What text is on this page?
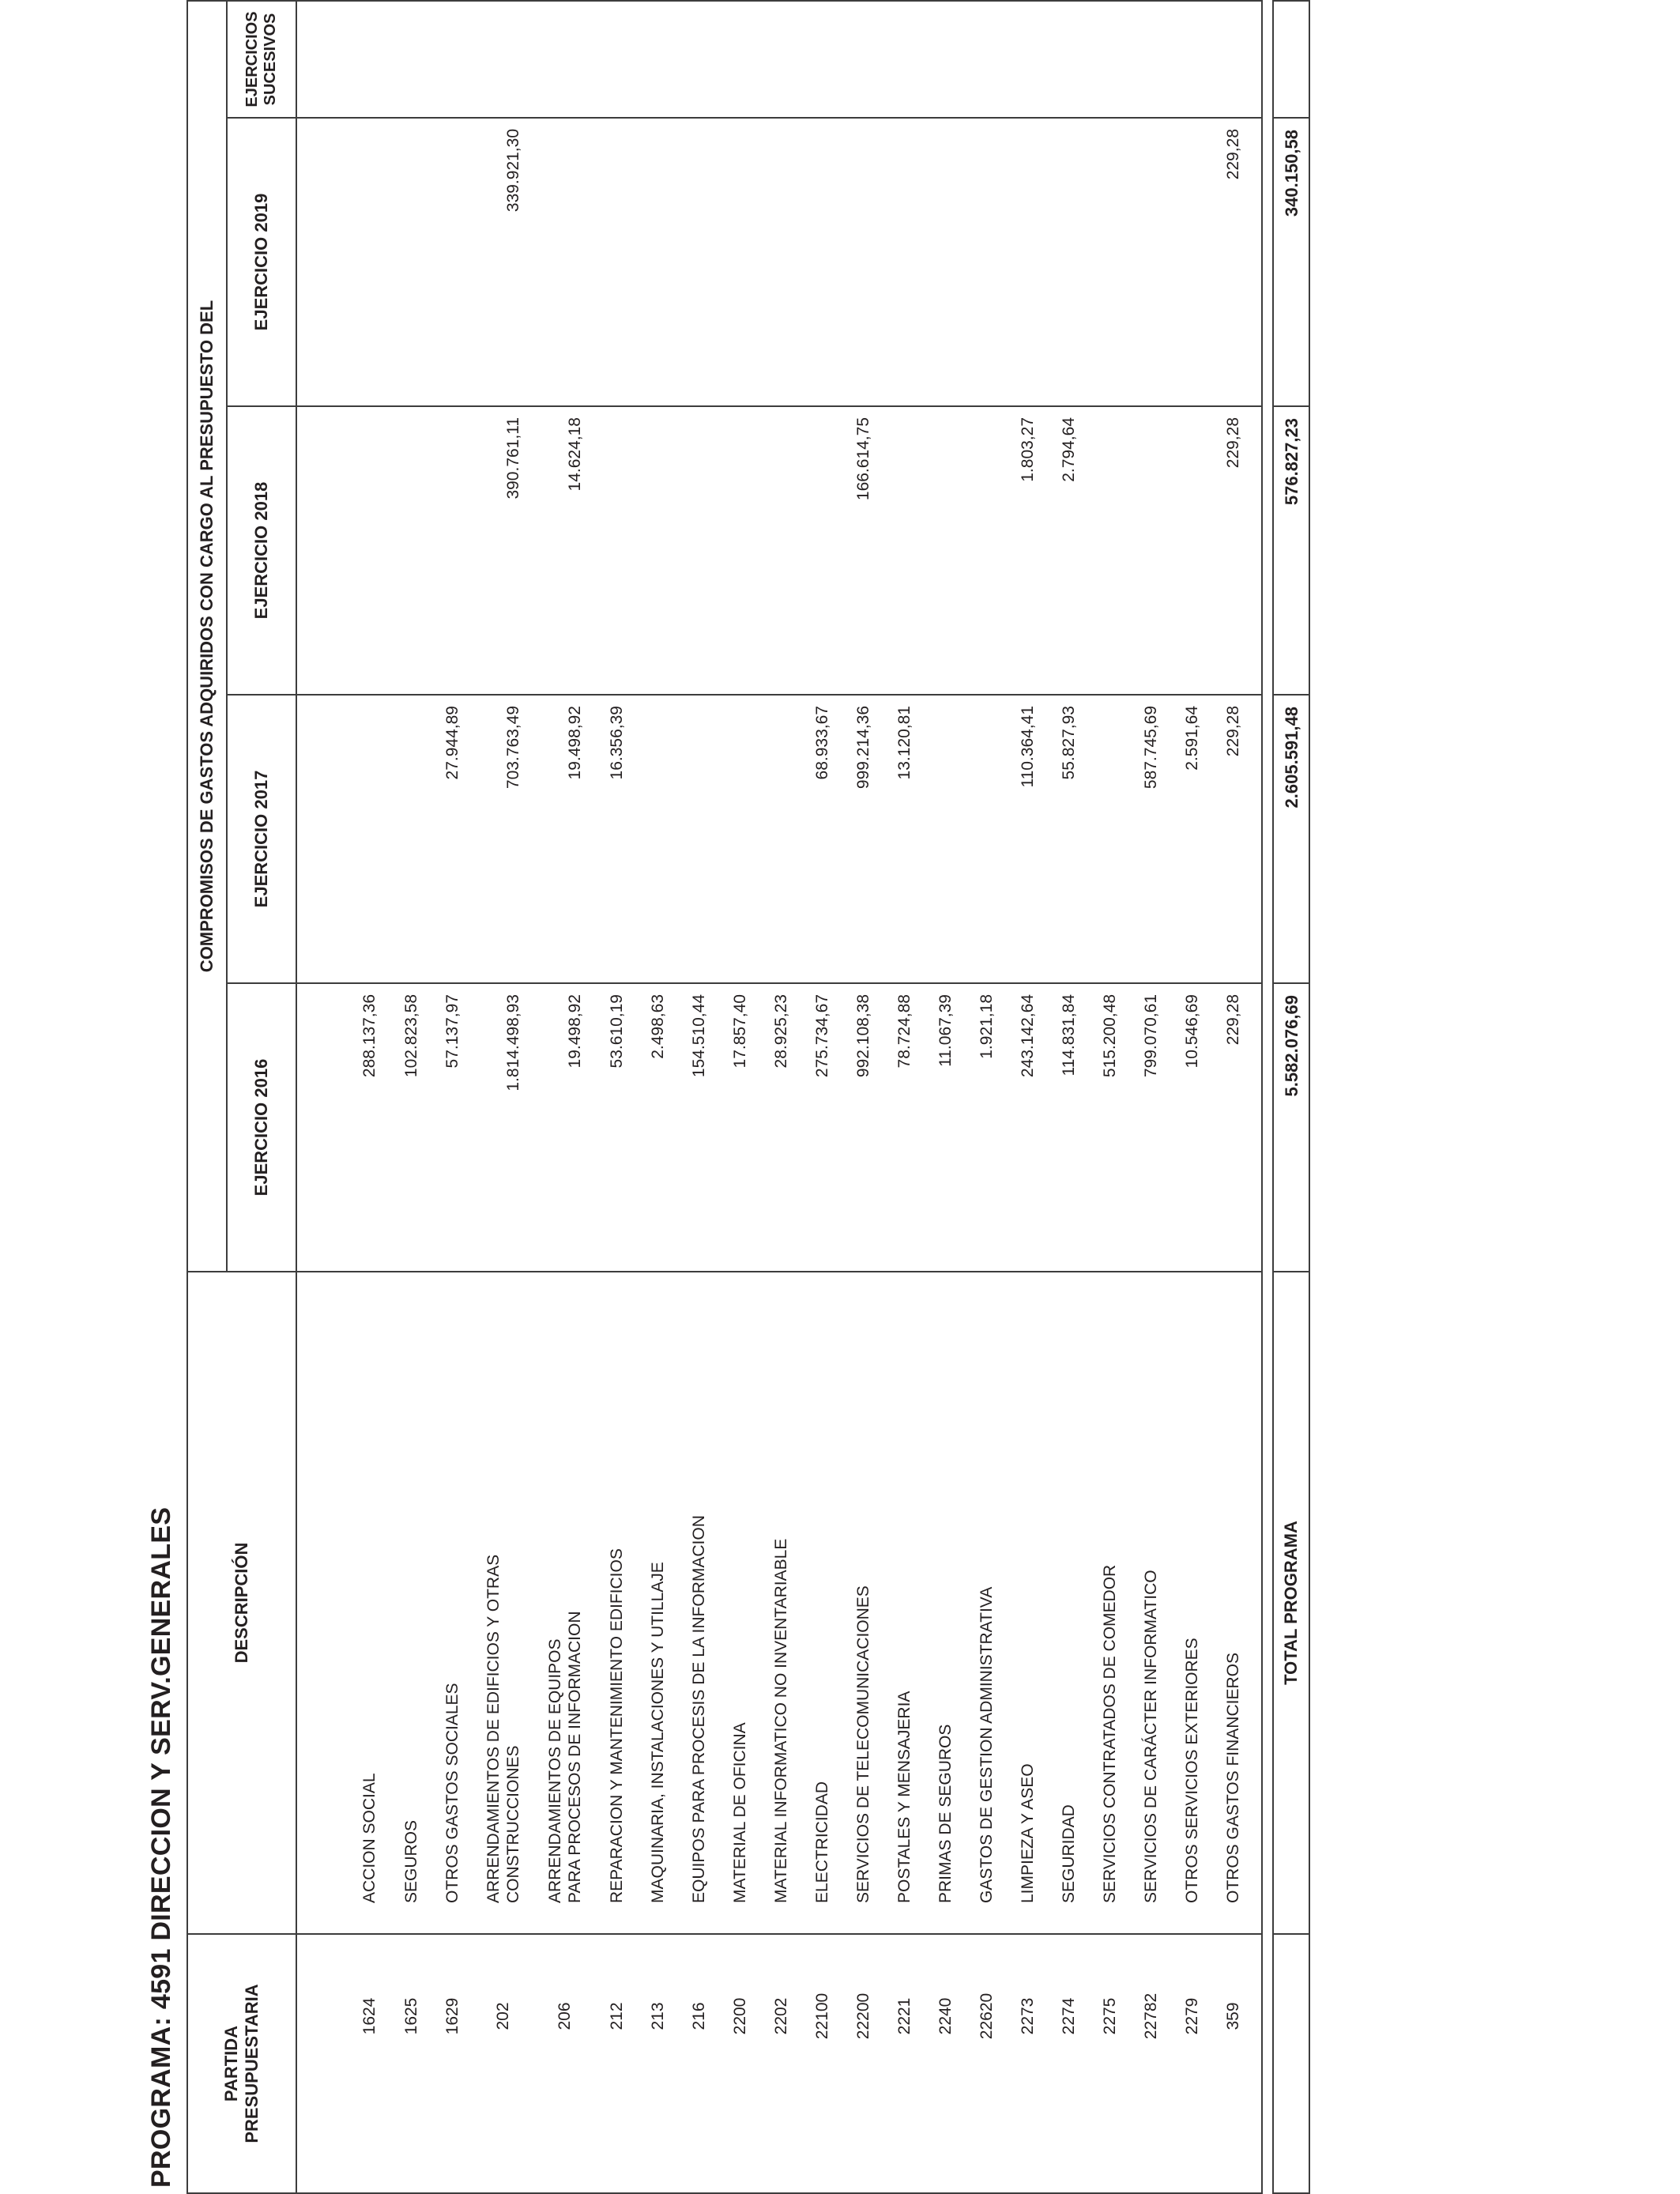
PROGRAMA: 4591 DIRECCION Y SERV.GENERALES	PARTIDA PRESUPUESTARIA
DESCRIPCIÓN
COMPROMISOS DE GASTOS ADQUIRIDOS CON CARGO AL PRESUPUESTO DEL
EJERCICIO 2016
EJERCICIO 2017
EJERCICIO 2018
EJERCICIO 2019
EJERCICIOS SUCESIVOS
TOTAL PROGRAMA
5.582.076,69
2.605.591,48
576.827,23
340.150,58
1624
ACCION SOCIAL
288.137,36
1625
SEGUROS
102.823,58
1629
OTROS GASTOS SOCIALES
57.137,97
27.944,89
202
ARRENDAMIENTOS DE EDIFICIOS Y OTRAS CONSTRUCCIONES
1.814.498,93
703.763,49
390.761,11
339.921,30
206
ARRENDAMIENTOS DE EQUIPOS PARA PROCESOS DE INFORMACION
19.498,92
19.498,92
14.624,18
212
REPARACION Y MANTENIMIENTO EDIFICIOS
53.610,19
16.356,39
213
MAQUINARIA, INSTALACIONES Y UTILLAJE
2.498,63
216
EQUIPOS PARA PROCESIS DE LA INFORMACION
154.510,44
2200
MATERIAL DE OFICINA
17.857,40
2202
MATERIAL INFORMATICO NO INVENTARIABLE
28.925,23
22100
ELECTRICIDAD
275.734,67
68.933,67
22200
SERVICIOS DE TELECOMUNICACIONES
992.108,38
999.214,36
166.614,75
2221
POSTALES Y MENSAJERIA
78.724,88
13.120,81
2240
PRIMAS DE SEGUROS
11.067,39
22620
GASTOS DE GESTION ADMINISTRATIVA
1.921,18
2273
LIMPIEZA Y ASEO
243.142,64
110.364,41
1.803,27
2274
SEGURIDAD
114.831,84
55.827,93
2.794,64
2275
SERVICIOS CONTRATADOS DE COMEDOR
515.200,48
22782
SERVICIOS DE CARÁCTER INFORMATICO
799.070,61
587.745,69
2279
OTROS SERVICIOS EXTERIORES
10.546,69
2.591,64
359
OTROS GASTOS FINANCIEROS
229,28
229,28
229,28
229,28
